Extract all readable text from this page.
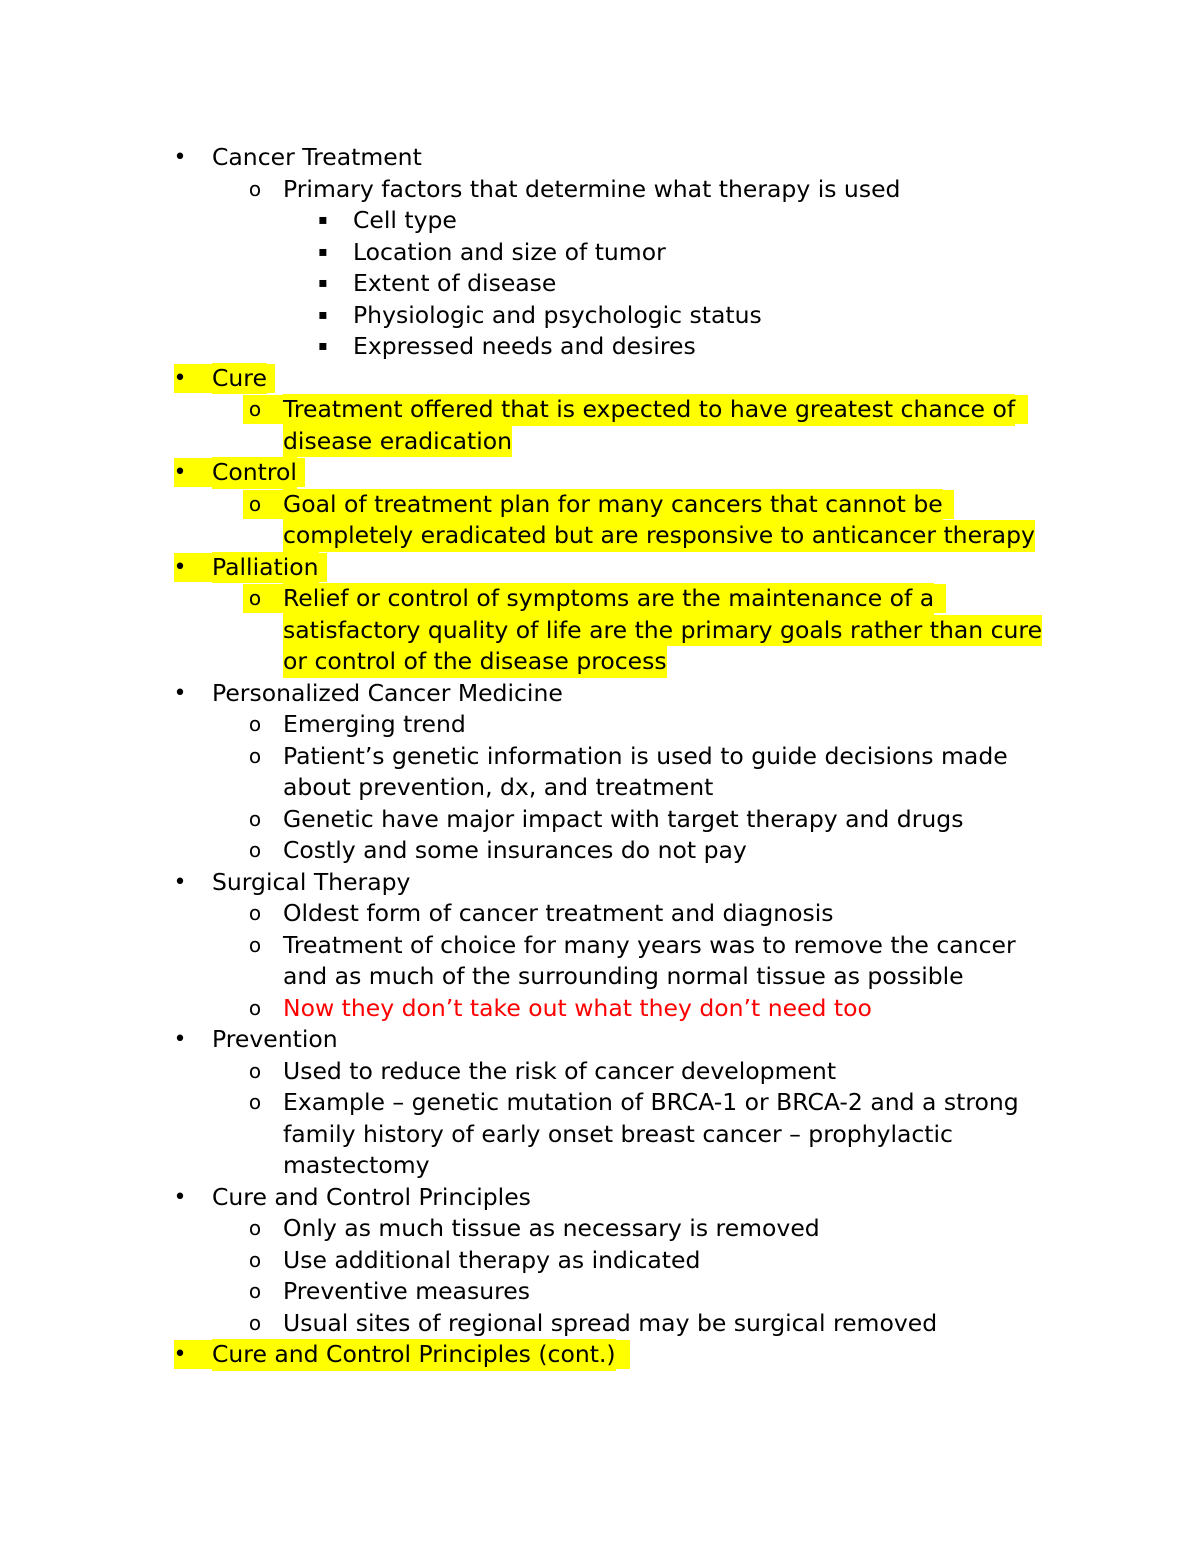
• Cancer Treatment
o Primary factors that determine what therapy is used
▪	Cell type
▪	Location and size of tumor
▪	Extent of disease
▪	Physiologic and psychologic status
▪	Expressed needs and desires
• Cure
o Treatment offered that is expected to have greatest chance of
disease eradication
• Control
o Goal of treatment plan for many cancers that cannot be
completely eradicated but are responsive to anticancer therapy
• Palliation
o Relief or control of symptoms are the maintenance of a
satisfactory quality of life are the primary goals rather than cure
or control of the disease process
• Personalized Cancer Medicine
o Emerging trend
o Patient’s genetic information is used to guide decisions made
about prevention, dx, and treatment
o Genetic have major impact with target therapy and drugs
o Costly and some insurances do not pay
• Surgical Therapy
o Oldest form of cancer treatment and diagnosis
o Treatment of choice for many years was to remove the cancer
and as much of the surrounding normal tissue as possible
o Now they don’t take out what they don’t need too
• Prevention
o Used to reduce the risk of cancer development
o Example – genetic mutation of BRCA-1 or BRCA-2 and a strong
family history of early onset breast cancer – prophylactic
mastectomy
• Cure and Control Principles
o Only as much tissue as necessary is removed
o Use additional therapy as indicated
o Preventive measures
o Usual sites of regional spread may be surgical removed
• Cure and Control Principles (cont.)
